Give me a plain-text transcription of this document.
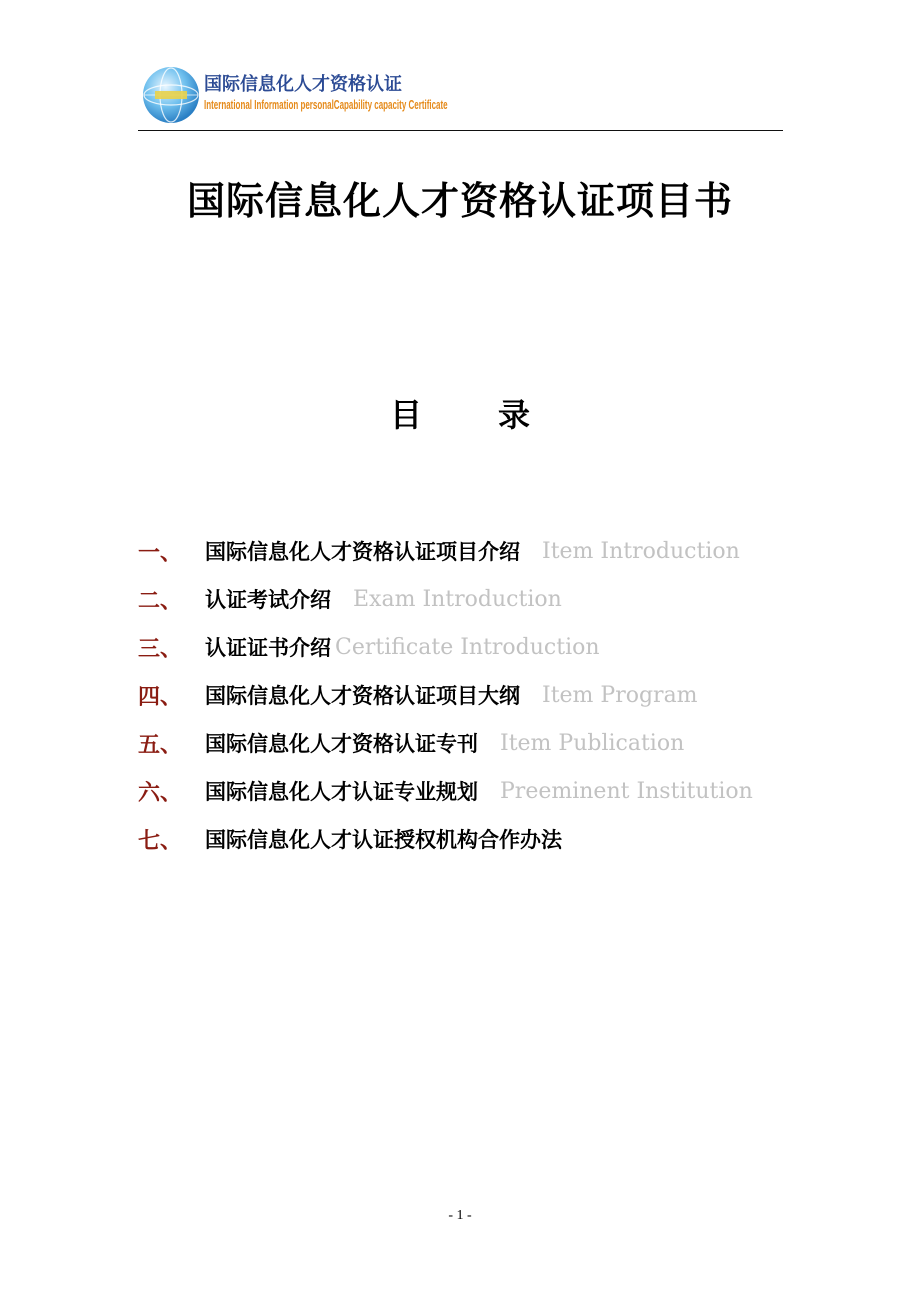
国际信息化人才资格认证
International Information personalCapability capacity Certificate
国际信息化人才资格认证项目书
目 录
一、	国际信息化人才资格认证项目介绍 Item Introduction
二、	认证考试介绍 Exam Introduction
三、	认证证书介绍 Certificate Introduction
四、	国际信息化人才资格认证项目大纲 Item Program
五、	国际信息化人才资格认证专刊 Item Publication
六、	国际信息化人才认证专业规划 Preeminent Institution
七、	国际信息化人才认证授权机构合作办法
- 1 -
